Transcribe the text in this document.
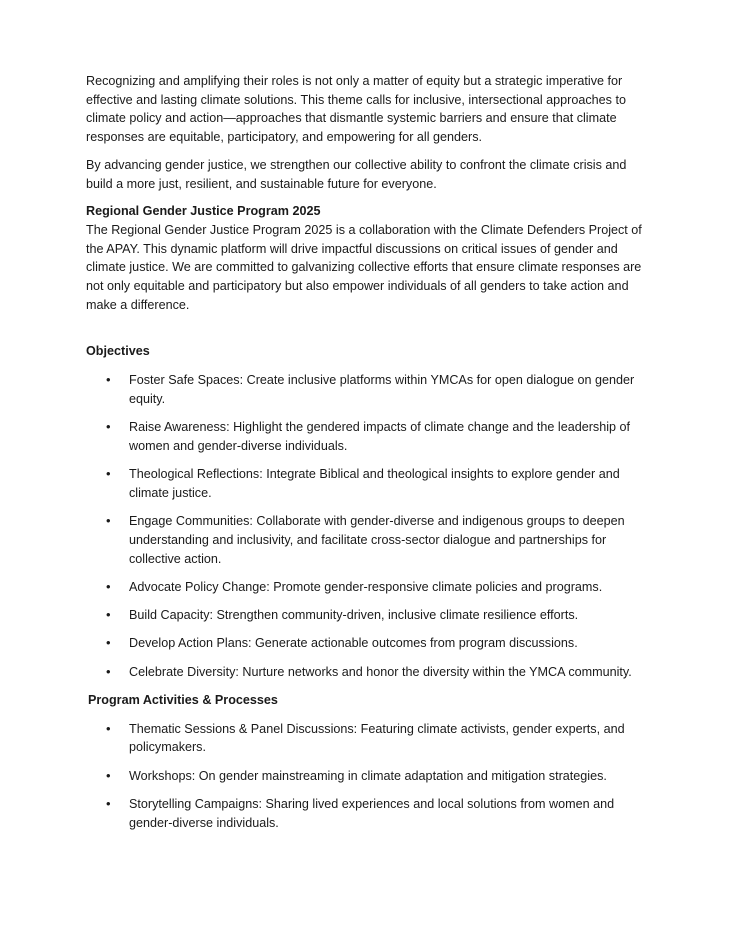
Recognizing and amplifying their roles is not only a matter of equity but a strategic imperative for effective and lasting climate solutions. This theme calls for inclusive, intersectional approaches to climate policy and action—approaches that dismantle systemic barriers and ensure that climate responses are equitable, participatory, and empowering for all genders.

By advancing gender justice, we strengthen our collective ability to confront the climate crisis and build a more just, resilient, and sustainable future for everyone.

Regional Gender Justice Program 2025

The Regional Gender Justice Program 2025 is a collaboration with the Climate Defenders Project of the APAY. This dynamic platform will drive impactful discussions on critical issues of gender and climate justice. We are committed to galvanizing collective efforts that ensure climate responses are not only equitable and participatory but also empower individuals of all genders to take action and make a difference.

Objectives

• Foster Safe Spaces: Create inclusive platforms within YMCAs for open dialogue on gender equity.
• Raise Awareness: Highlight the gendered impacts of climate change and the leadership of women and gender-diverse individuals.
• Theological Reflections: Integrate Biblical and theological insights to explore gender and climate justice.
• Engage Communities: Collaborate with gender-diverse and indigenous groups to deepen understanding and inclusivity, and facilitate cross-sector dialogue and partnerships for collective action.
• Advocate Policy Change: Promote gender-responsive climate policies and programs.
• Build Capacity: Strengthen community-driven, inclusive climate resilience efforts.
• Develop Action Plans: Generate actionable outcomes from program discussions.
• Celebrate Diversity: Nurture networks and honor the diversity within the YMCA community.

Program Activities & Processes

• Thematic Sessions & Panel Discussions: Featuring climate activists, gender experts, and policymakers.
• Workshops: On gender mainstreaming in climate adaptation and mitigation strategies.
• Storytelling Campaigns: Sharing lived experiences and local solutions from women and gender-diverse individuals.
